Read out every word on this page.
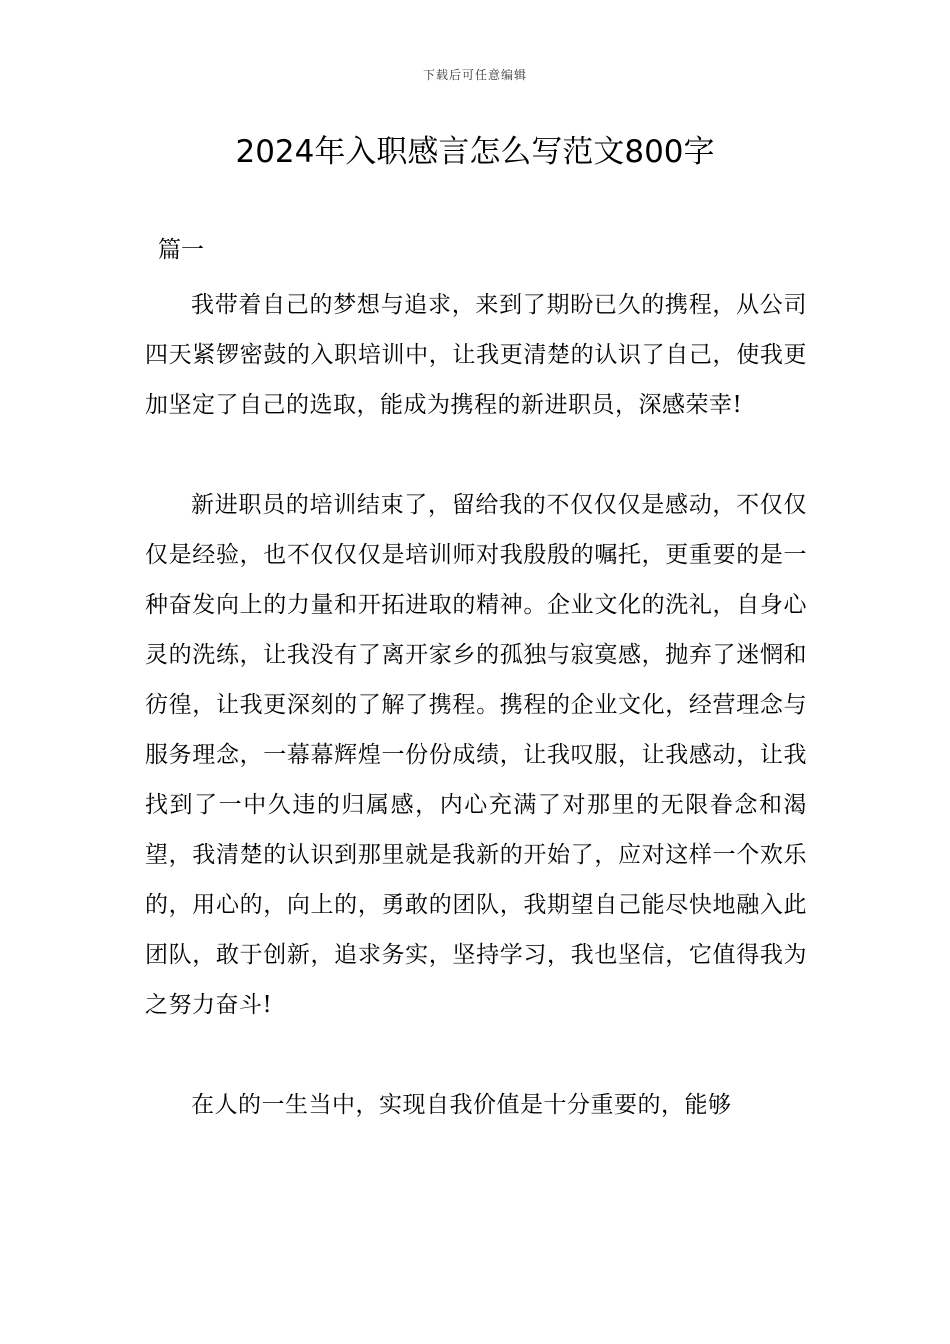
下载后可任意编辑
2024年入职感言怎么写范文800字
篇一

我带着自己的梦想与追求，来到了期盼已久的携程，从公司四天紧锣密鼓的入职培训中，让我更清楚的认识了自己，使我更加坚定了自己的选取，能成为携程的新进职员，深感荣幸!

新进职员的培训结束了，留给我的不仅仅仅是感动，不仅仅仅是经验，也不仅仅仅是培训师对我殷殷的嘱托，更重要的是一种奋发向上的力量和开拓进取的精神。企业文化的洗礼，自身心灵的洗练，让我没有了离开家乡的孤独与寂寞感，抛弃了迷惘和彷徨，让我更深刻的了解了携程。携程的企业文化，经营理念与服务理念，一幕幕辉煌一份份成绩，让我叹服，让我感动，让我找到了一中久违的归属感，内心充满了对那里的无限眷念和渴望，我清楚的认识到那里就是我新的开始了，应对这样一个欢乐的，用心的，向上的，勇敢的团队，我期望自己能尽快地融入此团队，敢于创新，追求务实，坚持学习，我也坚信，它值得我为之努力奋斗!

在人的一生当中，实现自我价值是十分重要的，能够
